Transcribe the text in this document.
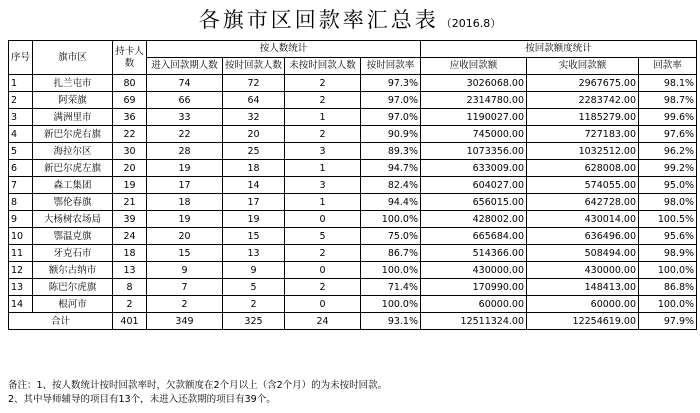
各旗市区回款率汇总表 （2016.8）
序号	旗市区	持卡人数	按人数统计				按回款额度统计		
			进入回款期人数	按时回款人数	未按时回款人数	按时回款率	应收回款额	实收回款额	回款率
1	扎兰屯市	80	74	72	2	97.3%	3026068.00	2967675.00	98.1%
2	阿荣旗	69	66	64	2	97.0%	2314780.00	2283742.00	98.7%
3	满洲里市	36	33	32	1	97.0%	1190027.00	1185279.00	99.6%
4	新巴尔虎右旗	22	22	20	2	90.9%	745000.00	727183.00	97.6%
5	海拉尔区	30	28	25	3	89.3%	1073356.00	1032512.00	96.2%
6	新巴尔虎左旗	20	19	18	1	94.7%	633009.00	628008.00	99.2%
7	森工集团	19	17	14	3	82.4%	604027.00	574055.00	95.0%
8	鄂伦春旗	21	18	17	1	94.4%	656015.00	642728.00	98.0%
9	大杨树农场局	39	19	19	0	100.0%	428002.00	430014.00	100.5%
10	鄂温克旗	24	20	15	5	75.0%	665684.00	636496.00	95.6%
11	牙克石市	18	15	13	2	86.7%	514366.00	508494.00	98.9%
12	额尔古纳市	13	9	9	0	100.0%	430000.00	430000.00	100.0%
13	陈巴尔虎旗	8	7	5	2	71.4%	170990.00	148413.00	86.8%
14	根河市	2	2	2	0	100.0%	60000.00	60000.00	100.0%
合计		401	349	325	24	93.1%	12511324.00	12254619.00	97.9%
备注：1、按人数统计按时回款率时，欠款额度在2个月以上（含2个月）的为未按时回款。
2、其中导师辅导的项目有13个，未进入还款期的项目有39个。
